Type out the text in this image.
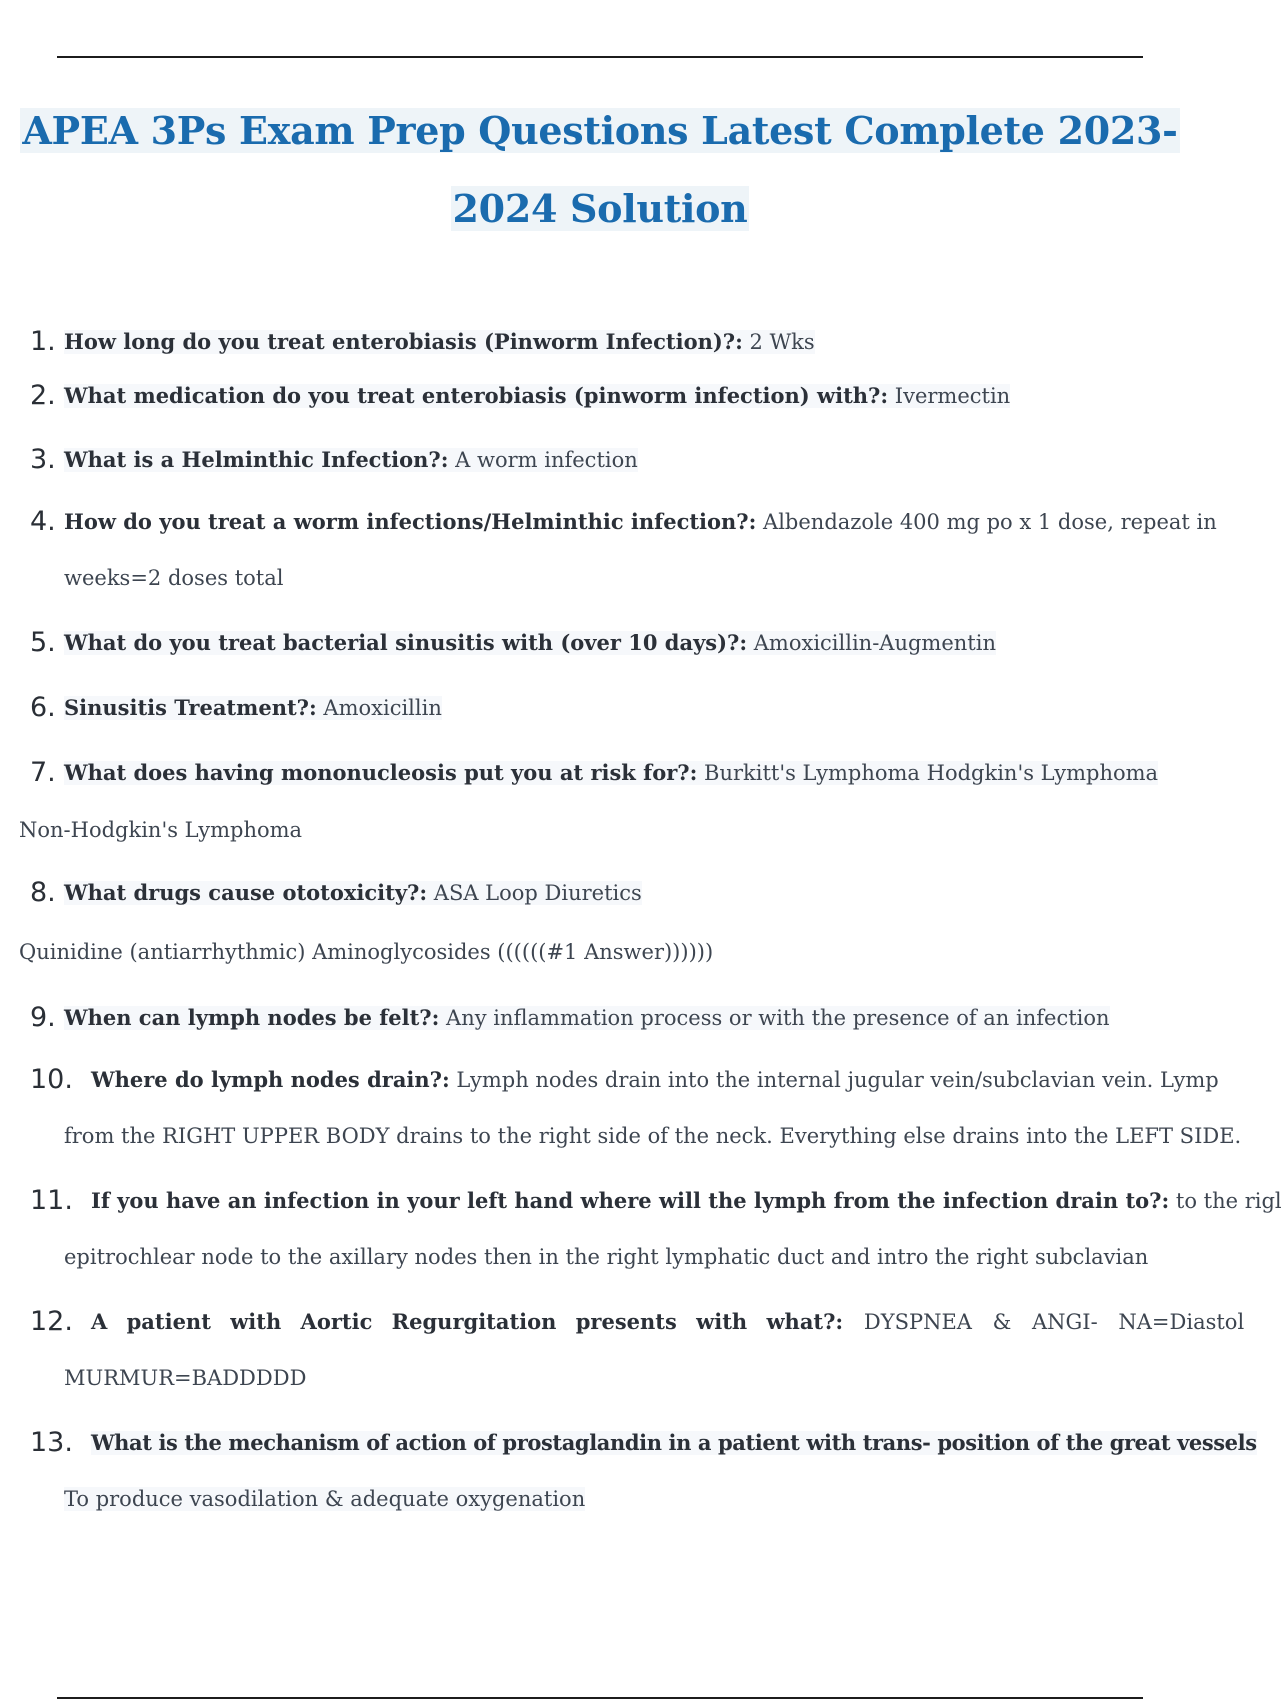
APEA 3Ps Exam Prep Questions Latest Complete 2023-
2024 Solution
1. How long do you treat enterobiasis (Pinworm Infection)?: 2 Wks
2. What medication do you treat enterobiasis (pinworm infection) with?: Ivermectin
3. What is a Helminthic Infection?: A worm infection
4. How do you treat a worm infections/Helminthic infection?: Albendazole 400 mg po x 1 dose, repeat in
weeks=2 doses total
5. What do you treat bacterial sinusitis with (over 10 days)?: Amoxicillin-Augmentin
6. Sinusitis Treatment?: Amoxicillin
7. What does having mononucleosis put you at risk for?: Burkitt's Lymphoma Hodgkin's Lymphoma
Non-Hodgkin's Lymphoma
8. What drugs cause ototoxicity?: ASA Loop Diuretics
Quinidine (antiarrhythmic) Aminoglycosides ((((((#1 Answer))))))
9. When can lymph nodes be felt?: Any inflammation process or with the presence of an infection
10. Where do lymph nodes drain?: Lymph nodes drain into the internal jugular vein/subclavian vein. Lymp
from the RIGHT UPPER BODY drains to the right side of the neck. Everything else drains into the LEFT SIDE.
11. If you have an infection in your left hand where will the lymph from the infection drain to?: to the rigl
epitrochlear node to the axillary nodes then in the right lymphatic duct and intro the right subclavian
12. A patient with Aortic Regurgitation presents with what?: DYSPNEA & ANGI- NA=Diastol
MURMUR=BADDDDD
13. What is the mechanism of action of prostaglandin in a patient with trans- position of the great vessels
To produce vasodilation & adequate oxygenation
